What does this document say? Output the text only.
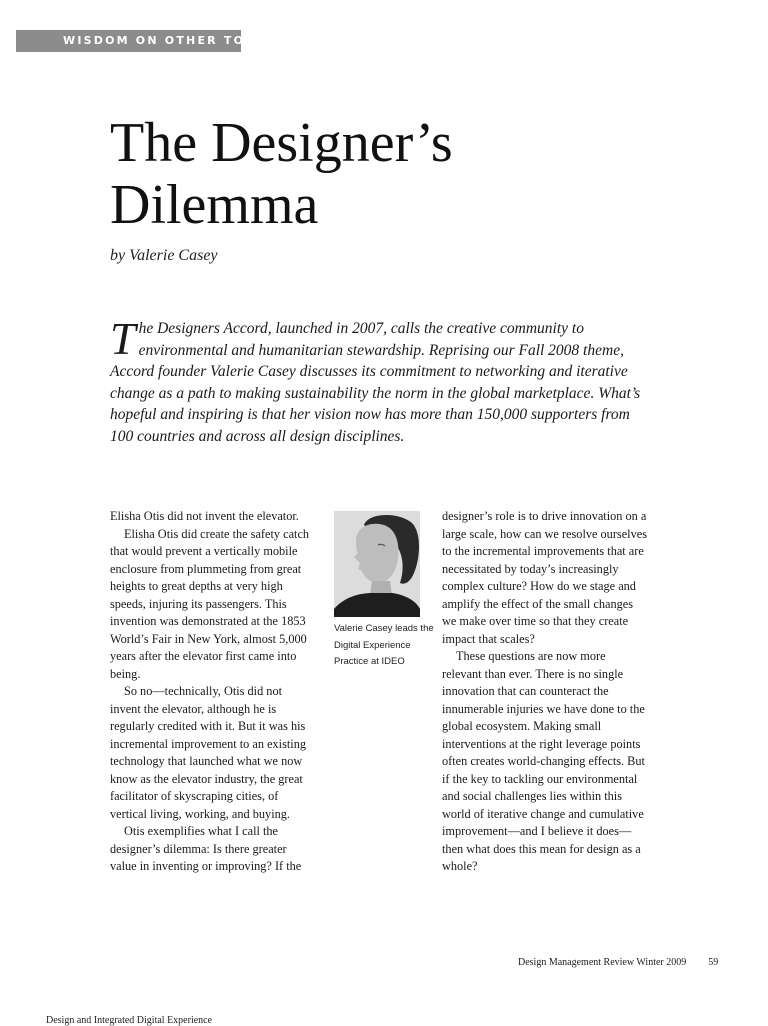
WISDOM ON OTHER TOPICS
The Designer’s Dilemma
by Valerie Casey
The Designers Accord, launched in 2007, calls the creative community to environmental and humanitarian stewardship. Reprising our Fall 2008 theme, Accord founder Valerie Casey discusses its commitment to networking and iterative change as a path to making sustainability the norm in the global marketplace. What’s hopeful and inspiring is that her vision now has more than 150,000 supporters from 100 countries and across all design disciplines.

Elisha Otis did not invent the elevator.

Elisha Otis did create the safety catch that would prevent a vertically mobile enclosure from plummeting from great heights to great depths at very high speeds, injuring its passengers. This invention was demonstrated at the 1853 World’s Fair in New York, almost 5,000 years after the elevator first came into being.

So no—technically, Otis did not invent the elevator, although he is regularly credited with it. But it was his incremental improvement to an existing technology that launched what we now know as the elevator industry, the great facilitator of skyscraping cities, of vertical living, working, and buying.

Otis exemplifies what I call the designer’s dilemma: Is there greater value in inventing or improving? If the

Valerie Casey leads the Digital Experience Practice at IDEO

designer’s role is to drive innovation on a large scale, how can we resolve ourselves to the incremental improvements that are necessitated by today’s increasingly complex culture? How do we stage and amplify the effect of the small changes we make over time so that they create impact that scales?

These questions are now more relevant than ever. There is no single innovation that can counteract the innumerable injuries we have done to the global ecosystem. Making small interventions at the right leverage points often creates world-changing effects. But if the key to tackling our environmental and social challenges lies within this world of iterative change and cumulative improvement—and I believe it does—then what does this mean for design as a whole?

Design Management Review Winter 2009 59
Design and Integrated Digital Experience
